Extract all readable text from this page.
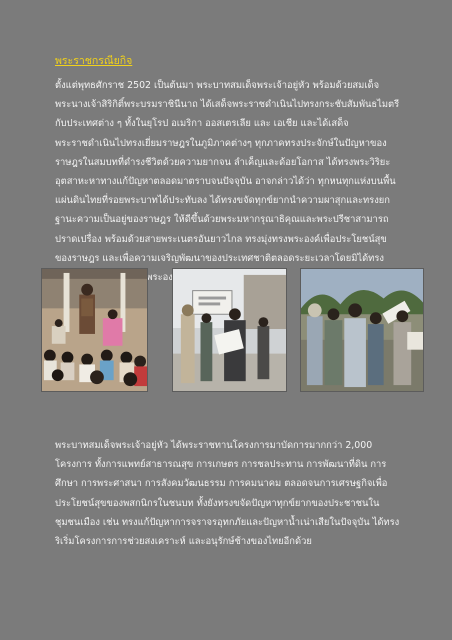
พระราชกรณียกิจ

ตั้งแต่พุทธศักราช 2502 เป็นต้นมา พระบาทสมเด็จพระเจ้าอยู่หัว พร้อมด้วยสมเด็จพระนางเจ้าสิริกิติ์พระบรมราชินีนาถ ได้เสด็จพระราชดำเนินไปทรงกระชับสัมพันธไมตรีกับประเทศต่าง ๆ ทั้งในยุโรป อเมริกา ออสเตรเลีย และ เอเชีย และได้เสด็จพระราชดำเนินไปทรงเยี่ยมราษฎรในภูมิภาคต่างๆ ทุกภาคทรงประจักษ์ในปัญหาของราษฎรในสมบทที่ดำรงชีวิตด้วยความยากจน ลำเค็ญและด้อยโอกาส ได้ทรงพระวิริยะอุตสาหะหาทางแก้ปัญหาตลอดมาตราบจนปัจจุบัน อาจกล่าวได้ว่า ทุกหนทุกแห่งบนพื้นแผ่นดินไทยที่รอยพระบาทได้ประทับลง ได้ทรงขจัดทุกข์ยากนำความผาสุกและทรงยกฐานะความเป็นอยู่ของราษฎร ให้ดีขึ้นด้วยพระมหากรุณาธิคุณและพระปรีชาสามารถปราดเปรื่อง พร้อมด้วยสายพระเนตรอันยาวไกล ทรงมุ่งทรงพระองค์เพื่อประโยชน์สุขของราษฎร และเพื่อความเจริญพัฒนาของประเทศชาติตลอดระยะเวลาโดยมิได้ทรง นพระองค์เลย

พระบาทสมเด็จพระเจ้าอยู่หัว ได้พระราชทานโครงการมาบัดการมากกว่า 2,000 โครงการ ทั้งการแพทย์สาธารณสุข การเกษตร การชลประทาน การพัฒนาที่ดิน การศึกษา การพระศาสนา การสังคมวัฒนธรรม การคมนาคม ตลอดจนการเศรษฐกิจเพื่อประโยชน์สุขของพสกนิกรในชนบท ทั้งยังทรงขจัดปัญหาทุกข์ยากของประชาชนในชุมชนเมือง เช่น ทรงแก้ปัญหาการจราจรอุทกภัยและปัญหาน้ำเน่าเสียในปัจจุบัน ได้ทรงริเริ่มโครงการการช่วยสงเคราะห์ และอนุรักษ์ช้างของไทยอีกด้วย
